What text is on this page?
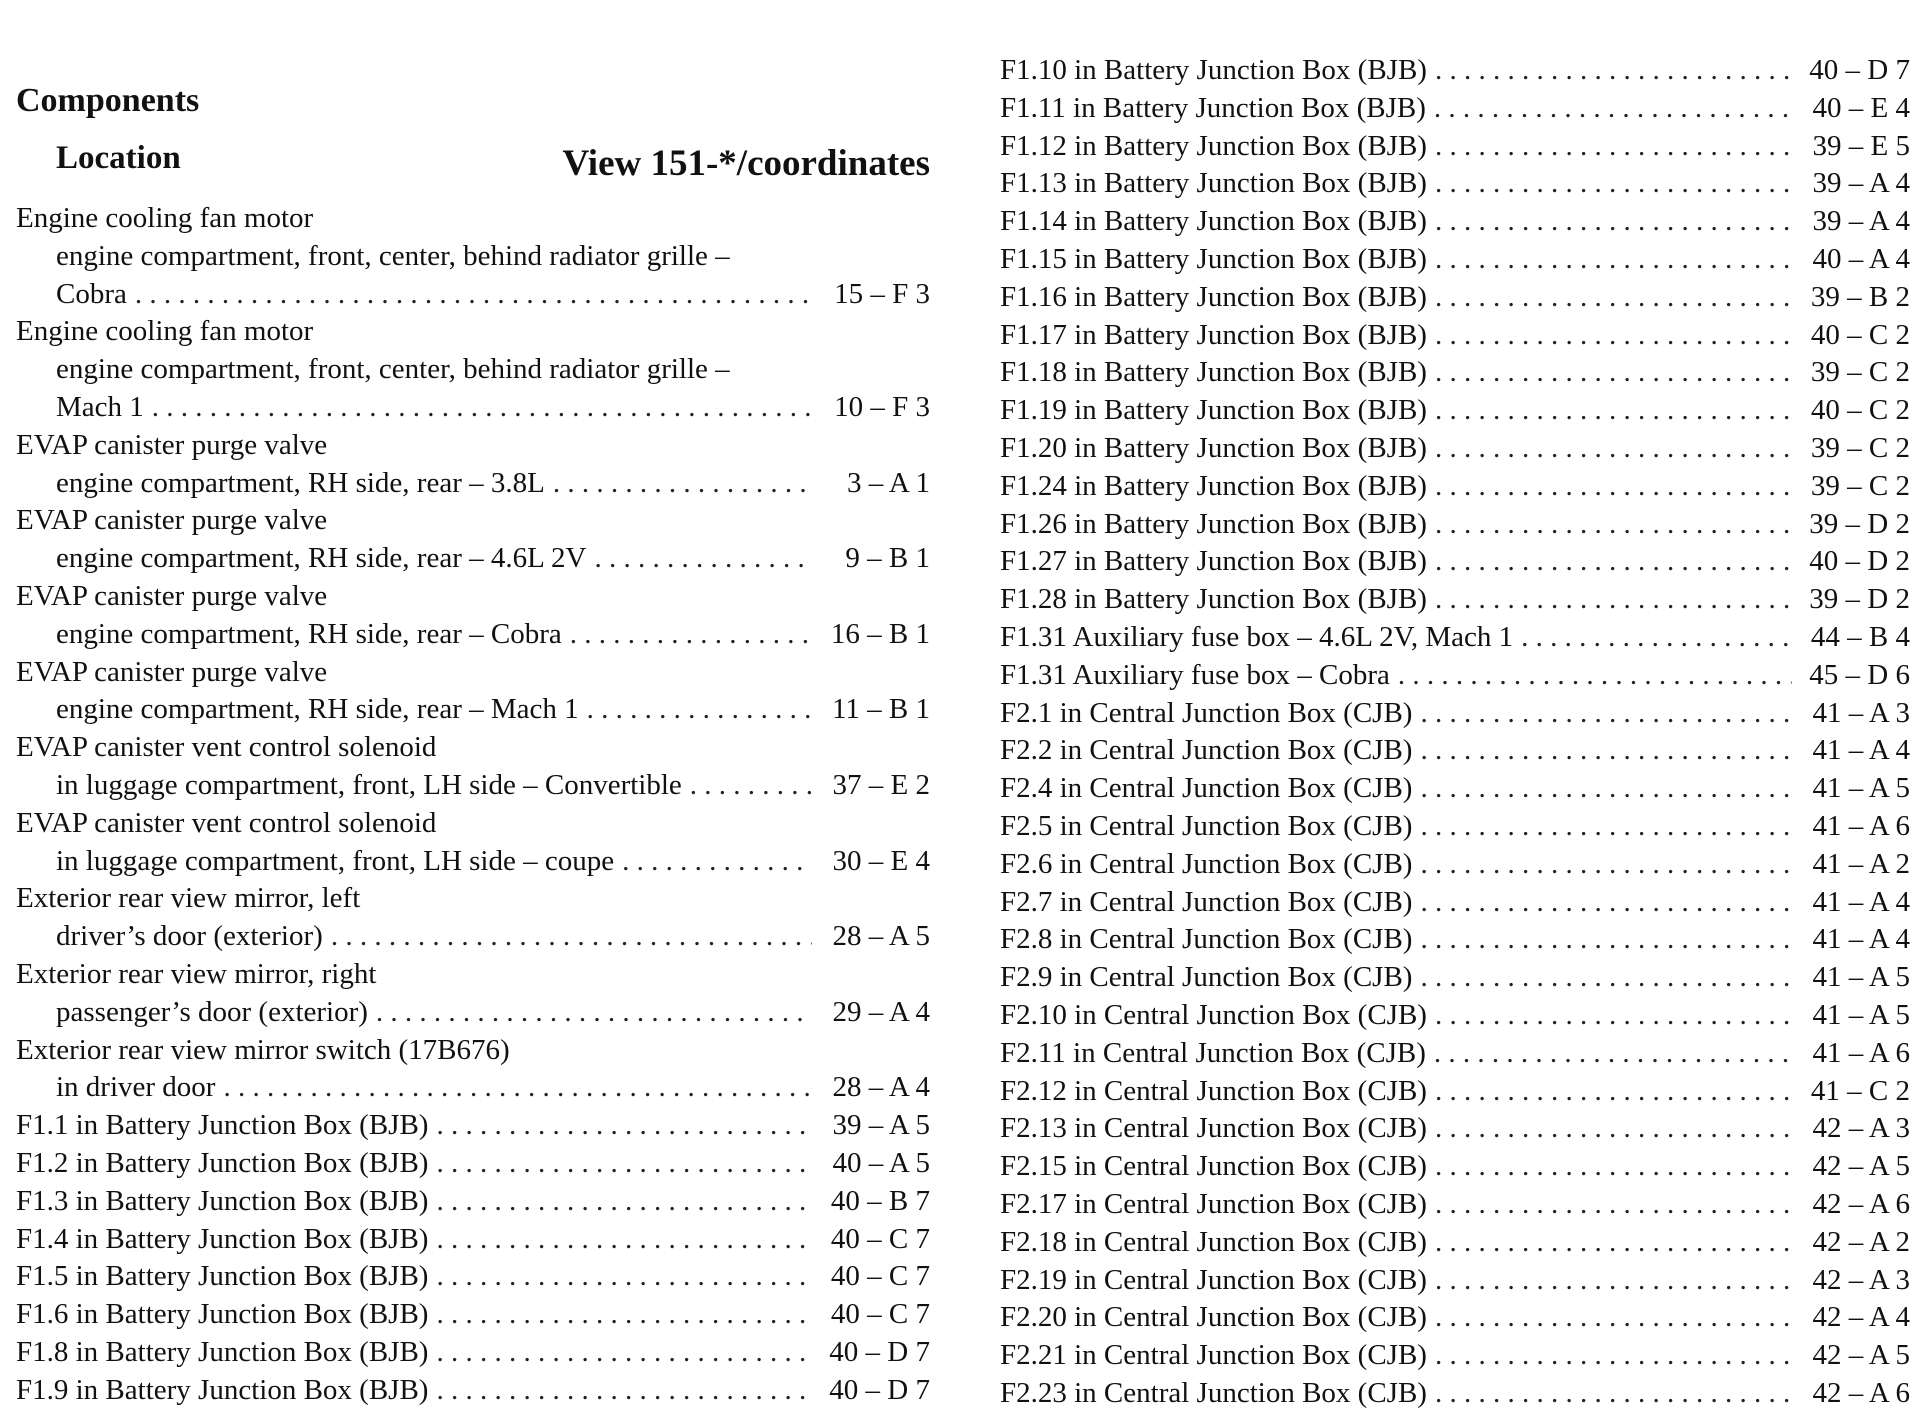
Components
Location	View 151-*/coordinates
Engine cooling fan motor
engine compartment, front, center, behind radiator grille –
Cobra . . .	15 – F 3
Engine cooling fan motor
engine compartment, front, center, behind radiator grille –
Mach 1 . . .	10 – F 3
EVAP canister purge valve
engine compartment, RH side, rear – 3.8L . . .	3 – A 1
EVAP canister purge valve
engine compartment, RH side, rear – 4.6L 2V . . .	9 – B 1
EVAP canister purge valve
engine compartment, RH side, rear – Cobra . . .	16 – B 1
EVAP canister purge valve
engine compartment, RH side, rear – Mach 1 . . .	11 – B 1
EVAP canister vent control solenoid
in luggage compartment, front, LH side – Convertible . . .	37 – E 2
EVAP canister vent control solenoid
in luggage compartment, front, LH side – coupe . . .	30 – E 4
Exterior rear view mirror, left
driver’s door (exterior) . . .	28 – A 5
Exterior rear view mirror, right
passenger’s door (exterior) . . .	29 – A 4
Exterior rear view mirror switch (17B676)
in driver door . . .	28 – A 4
F1.1 in Battery Junction Box (BJB) . . .	39 – A 5
F1.2 in Battery Junction Box (BJB) . . .	40 – A 5
F1.3 in Battery Junction Box (BJB) . . .	40 – B 7
F1.4 in Battery Junction Box (BJB) . . .	40 – C 7
F1.5 in Battery Junction Box (BJB) . . .	40 – C 7
F1.6 in Battery Junction Box (BJB) . . .	40 – C 7
F1.8 in Battery Junction Box (BJB) . . .	40 – D 7
F1.9 in Battery Junction Box (BJB) . . .	40 – D 7
F1.10 in Battery Junction Box (BJB) . . .	40 – D 7
F1.11 in Battery Junction Box (BJB) . . .	40 – E 4
F1.12 in Battery Junction Box (BJB) . . .	39 – E 5
F1.13 in Battery Junction Box (BJB) . . .	39 – A 4
F1.14 in Battery Junction Box (BJB) . . .	39 – A 4
F1.15 in Battery Junction Box (BJB) . . .	40 – A 4
F1.16 in Battery Junction Box (BJB) . . .	39 – B 2
F1.17 in Battery Junction Box (BJB) . . .	40 – C 2
F1.18 in Battery Junction Box (BJB) . . .	39 – C 2
F1.19 in Battery Junction Box (BJB) . . .	40 – C 2
F1.20 in Battery Junction Box (BJB) . . .	39 – C 2
F1.24 in Battery Junction Box (BJB) . . .	39 – C 2
F1.26 in Battery Junction Box (BJB) . . .	39 – D 2
F1.27 in Battery Junction Box (BJB) . . .	40 – D 2
F1.28 in Battery Junction Box (BJB) . . .	39 – D 2
F1.31 Auxiliary fuse box – 4.6L 2V, Mach 1 . . .	44 – B 4
F1.31 Auxiliary fuse box – Cobra . . .	45 – D 6
F2.1 in Central Junction Box (CJB) . . .	41 – A 3
F2.2 in Central Junction Box (CJB) . . .	41 – A 4
F2.4 in Central Junction Box (CJB) . . .	41 – A 5
F2.5 in Central Junction Box (CJB) . . .	41 – A 6
F2.6 in Central Junction Box (CJB) . . .	41 – A 2
F2.7 in Central Junction Box (CJB) . . .	41 – A 4
F2.8 in Central Junction Box (CJB) . . .	41 – A 4
F2.9 in Central Junction Box (CJB) . . .	41 – A 5
F2.10 in Central Junction Box (CJB) . . .	41 – A 5
F2.11 in Central Junction Box (CJB) . . .	41 – A 6
F2.12 in Central Junction Box (CJB) . . .	41 – C 2
F2.13 in Central Junction Box (CJB) . . .	42 – A 3
F2.15 in Central Junction Box (CJB) . . .	42 – A 5
F2.17 in Central Junction Box (CJB) . . .	42 – A 6
F2.18 in Central Junction Box (CJB) . . .	42 – A 2
F2.19 in Central Junction Box (CJB) . . .	42 – A 3
F2.20 in Central Junction Box (CJB) . . .	42 – A 4
F2.21 in Central Junction Box (CJB) . . .	42 – A 5
F2.23 in Central Junction Box (CJB) . . .	42 – A 6
